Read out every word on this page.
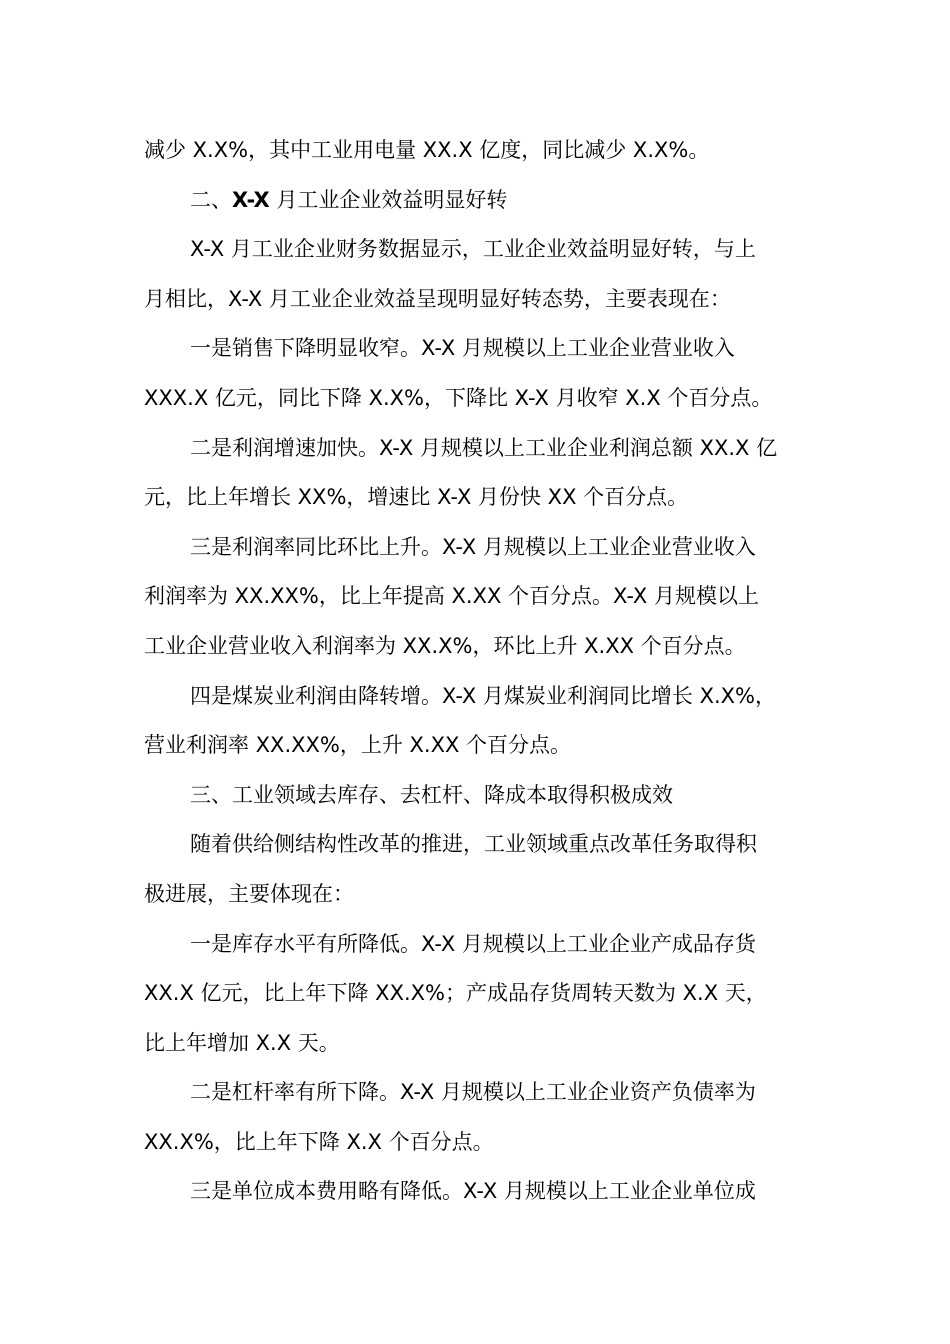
减少 X.X%，其中工业用电量 XX.X 亿度，同比减少 X.X%。
二、X-X 月工业企业效益明显好转
X-X 月工业企业财务数据显示，工业企业效益明显好转，与上
月相比，X-X 月工业企业效益呈现明显好转态势，主要表现在：
一是销售下降明显收窄。X-X 月规模以上工业企业营业收入
XXX.X 亿元，同比下降 X.X%，下降比 X-X 月收窄 X.X 个百分点。
二是利润增速加快。X-X 月规模以上工业企业利润总额 XX.X 亿
元，比上年增长 XX%，增速比 X-X 月份快 XX 个百分点。
三是利润率同比环比上升。X-X 月规模以上工业企业营业收入
利润率为 XX.XX%，比上年提高 X.XX 个百分点。X-X 月规模以上
工业企业营业收入利润率为 XX.X%，环比上升 X.XX 个百分点。
四是煤炭业利润由降转增。X-X 月煤炭业利润同比增长 X.X%，
营业利润率 XX.XX%，上升 X.XX 个百分点。
三、工业领域去库存、去杠杆、降成本取得积极成效
随着供给侧结构性改革的推进，工业领域重点改革任务取得积
极进展，主要体现在：
一是库存水平有所降低。X-X 月规模以上工业企业产成品存货
XX.X 亿元，比上年下降 XX.X%；产成品存货周转天数为 X.X 天，
比上年增加 X.X 天。
二是杠杆率有所下降。X-X 月规模以上工业企业资产负债率为
XX.X%，比上年下降 X.X 个百分点。
三是单位成本费用略有降低。X-X 月规模以上工业企业单位成
